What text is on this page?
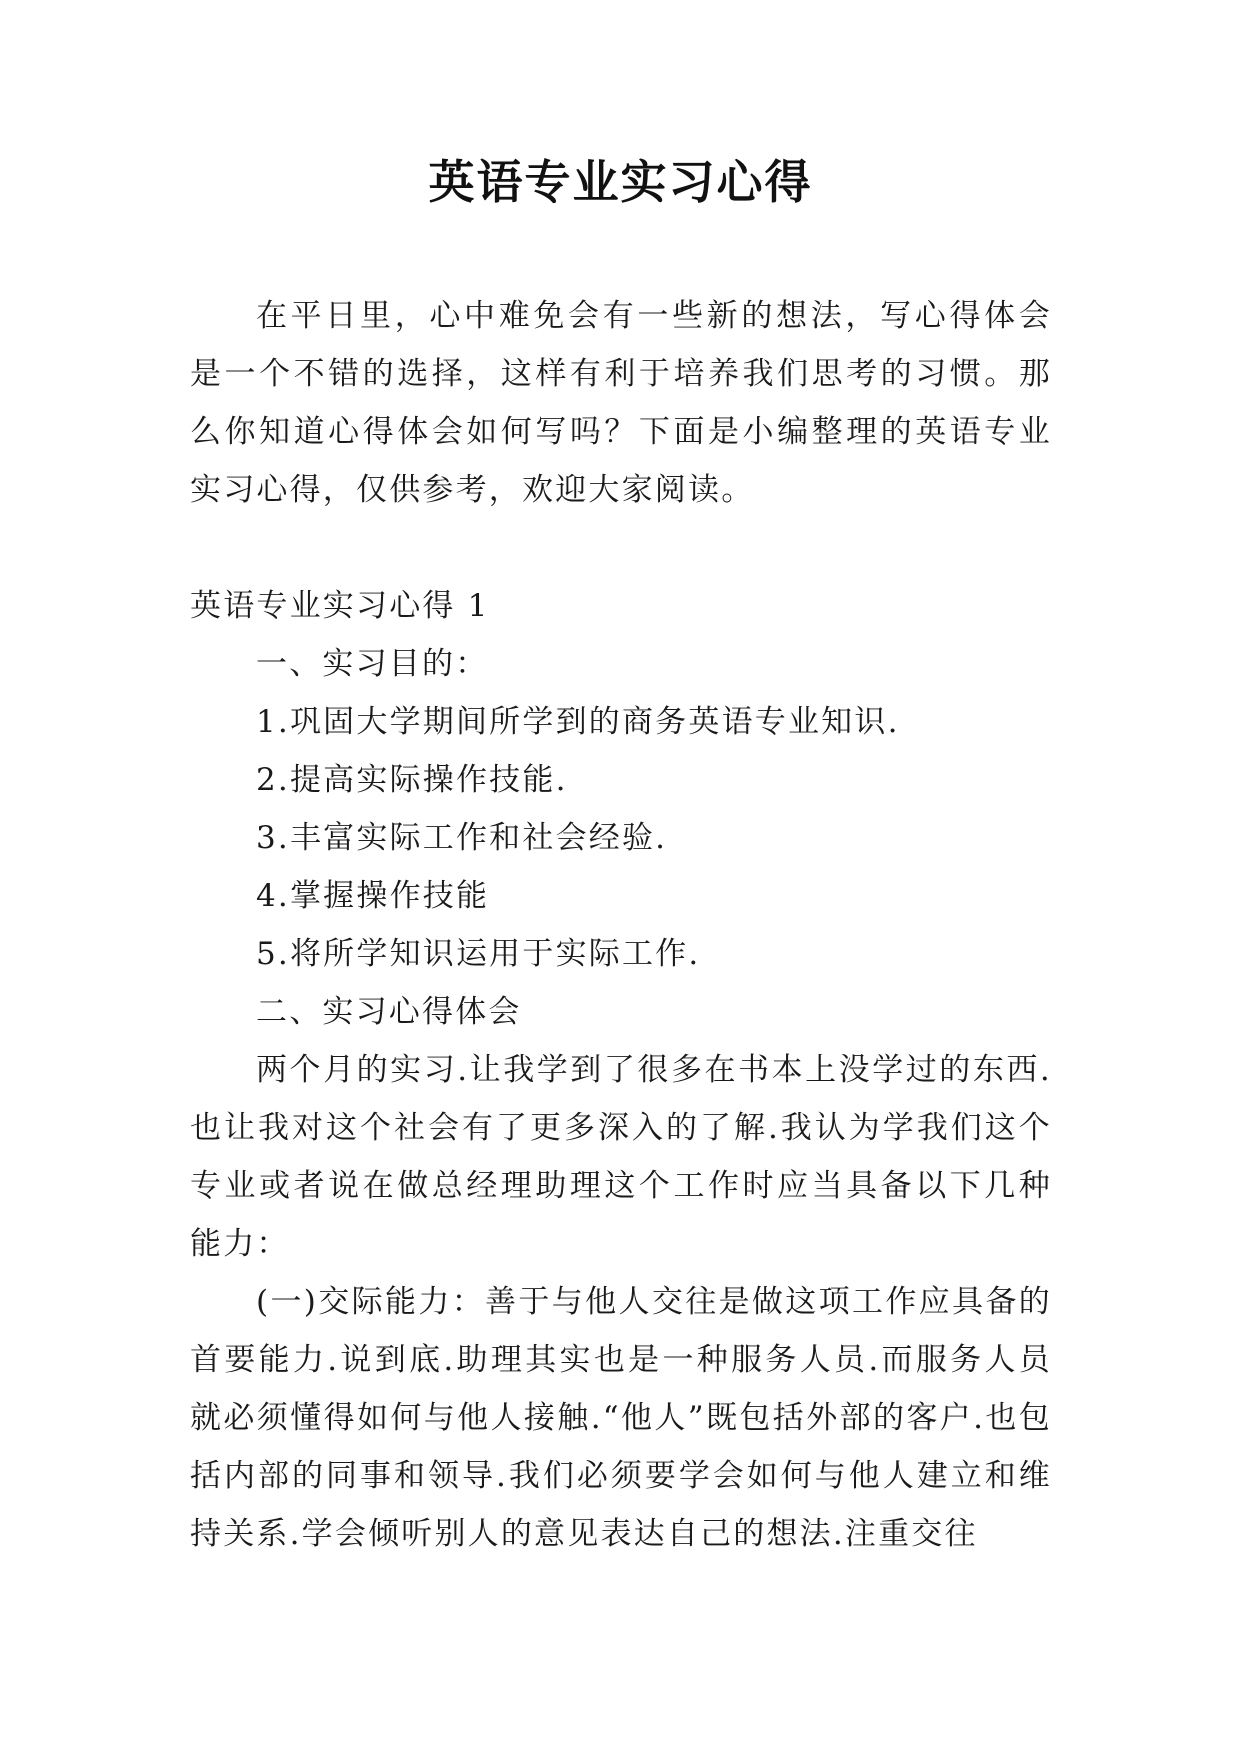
英语专业实习心得

在平日里，心中难免会有一些新的想法，写心得体会是一个不错的选择，这样有利于培养我们思考的习惯。那么你知道心得体会如何写吗？下面是小编整理的英语专业实习心得，仅供参考，欢迎大家阅读。

英语专业实习心得 1

一、实习目的：

1.巩固大学期间所学到的商务英语专业知识.

2.提高实际操作技能.

3.丰富实际工作和社会经验.

4.掌握操作技能

5.将所学知识运用于实际工作.

二、实习心得体会

两个月的实习.让我学到了很多在书本上没学过的东西.也让我对这个社会有了更多深入的了解.我认为学我们这个专业或者说在做总经理助理这个工作时应当具备以下几种能力：

(一)交际能力：善于与他人交往是做这项工作应具备的首要能力.说到底.助理其实也是一种服务人员.而服务人员就必须懂得如何与他人接触.“他人”既包括外部的客户.也包括内部的同事和领导.我们必须要学会如何与他人建立和维持关系.学会倾听别人的意见表达自己的想法.注重交往
